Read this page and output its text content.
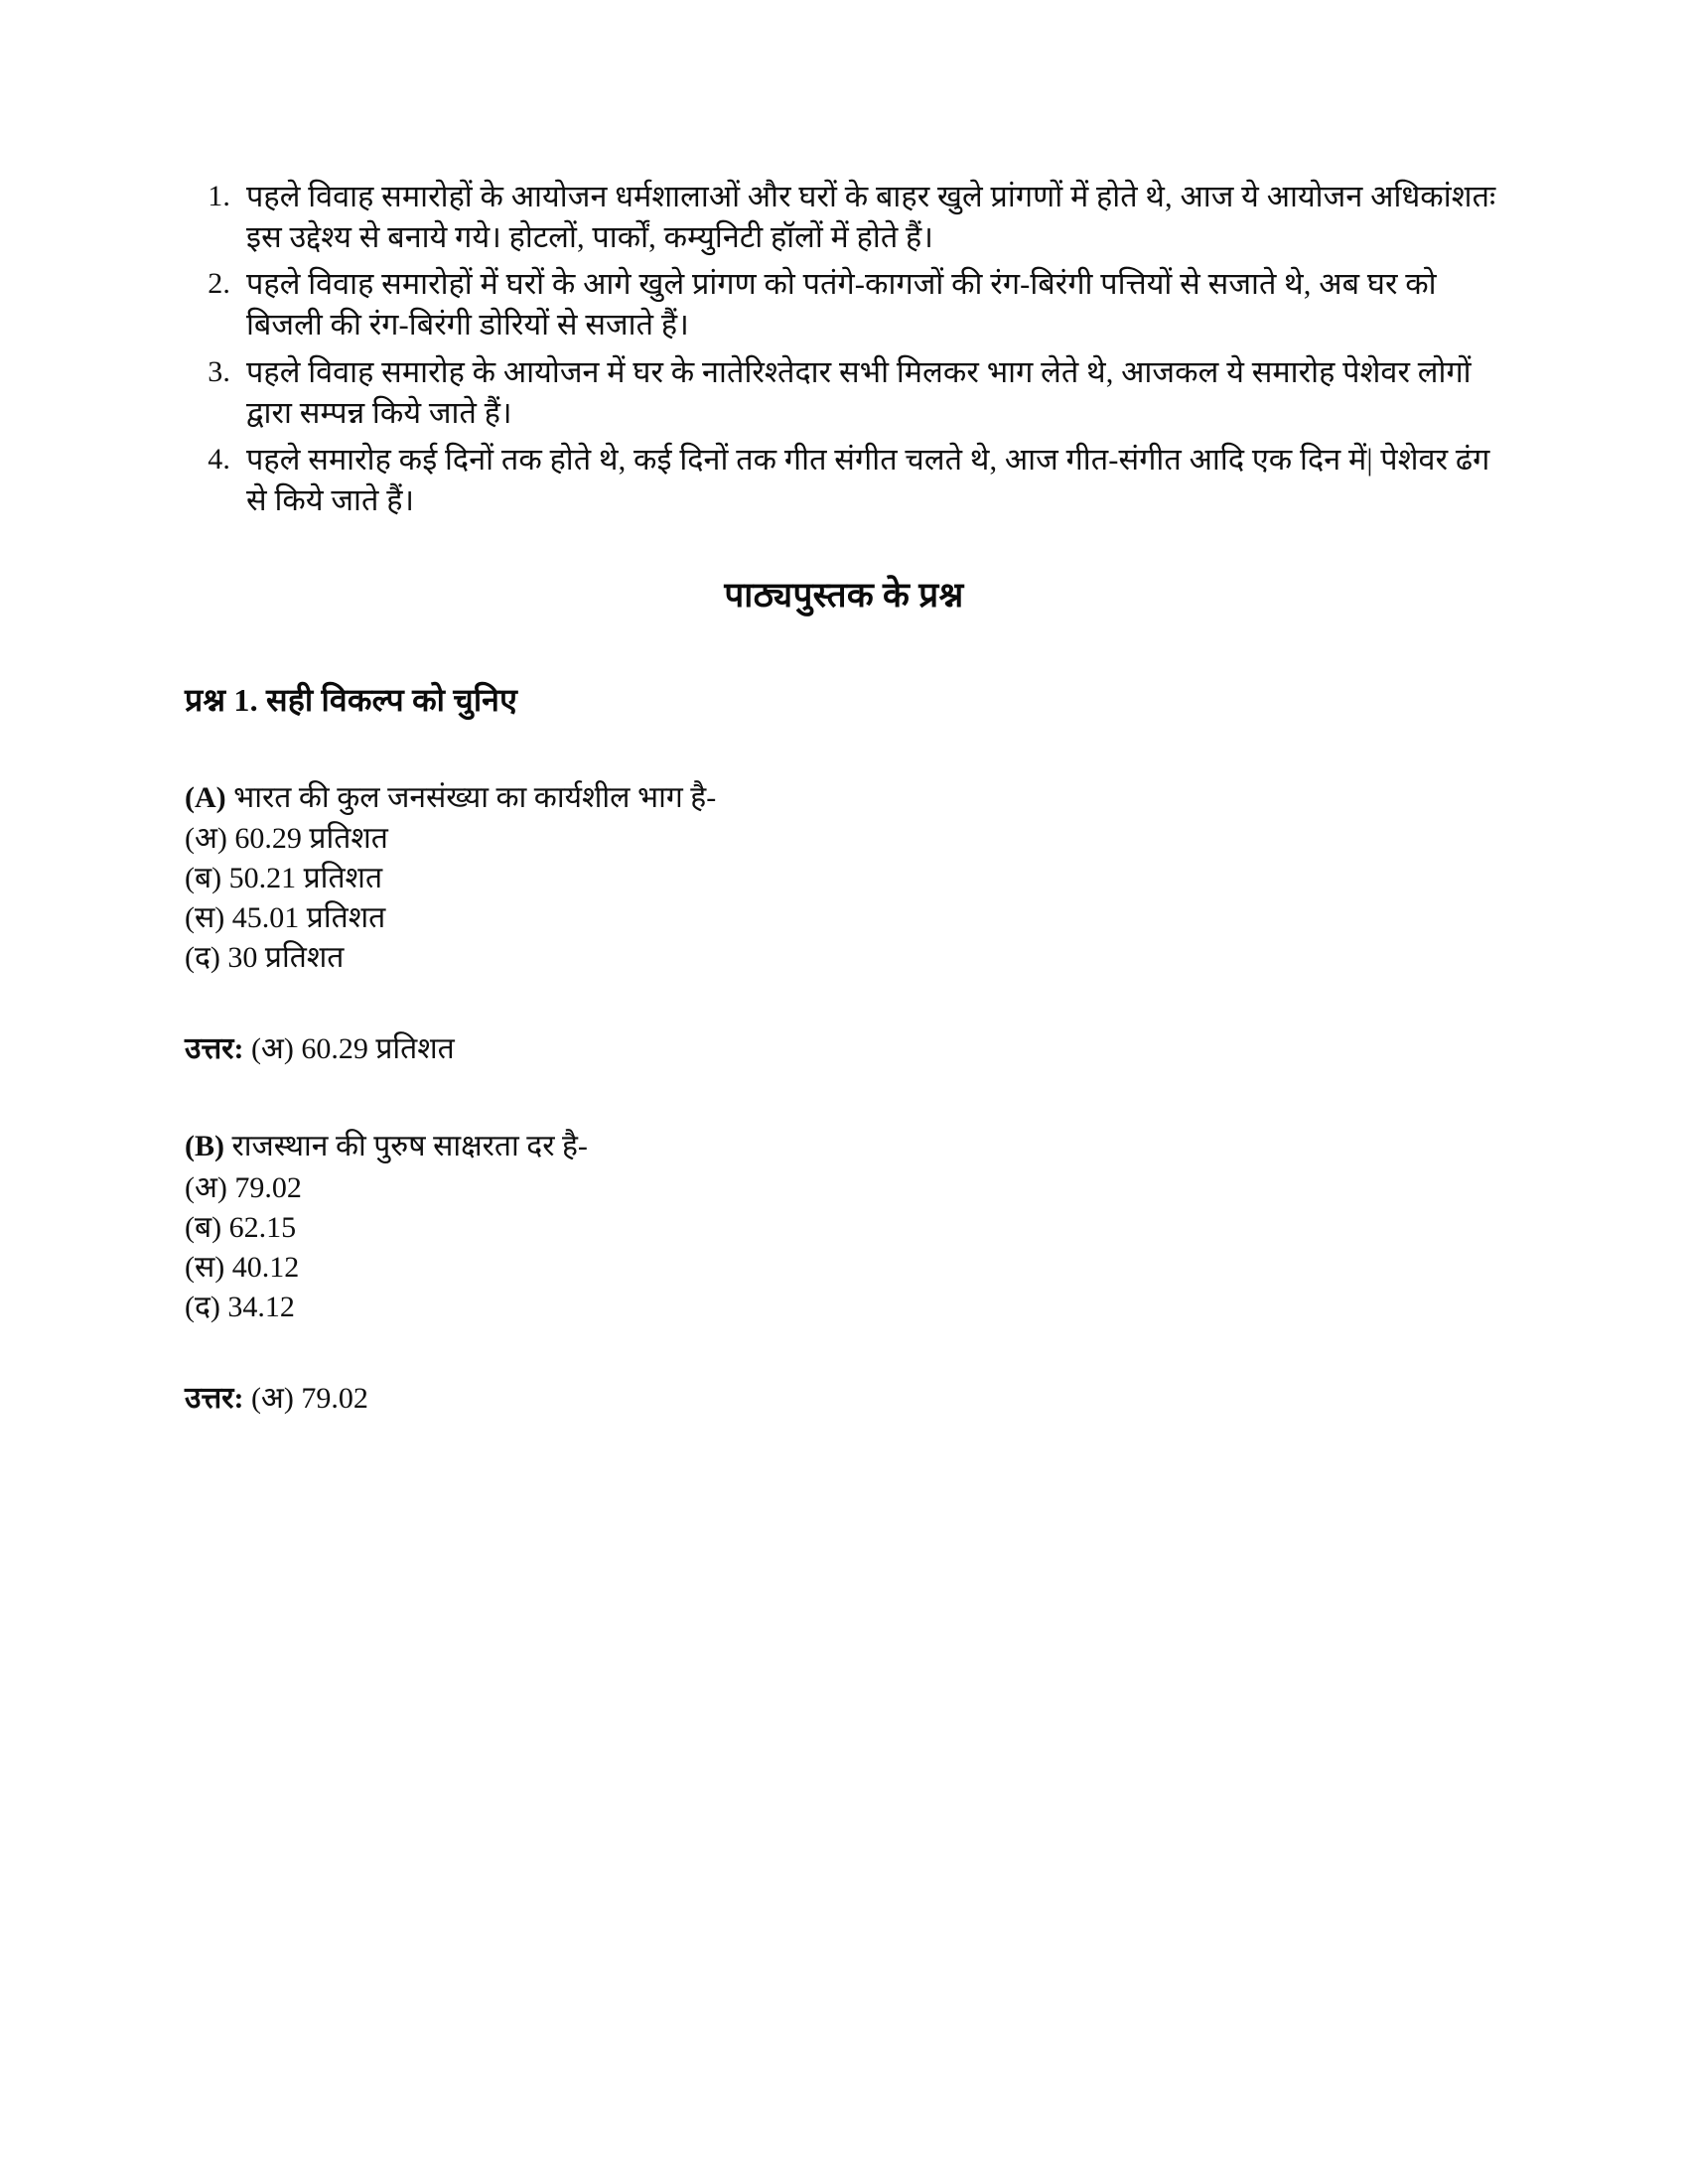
1. पहले विवाह समारोहों के आयोजन धर्मशालाओं और घरों के बाहर खुले प्रांगणों में होते थे, आज ये आयोजन अधिकांशतः इस उद्देश्य से बनाये गये। होटलों, पार्कों, कम्युनिटी हॉलों में होते हैं।
2. पहले विवाह समारोहों में घरों के आगे खुले प्रांगण को पतंगे-कागजों की रंग-बिरंगी पत्तियों से सजाते थे, अब घर को बिजली की रंग-बिरंगी डोरियों से सजाते हैं।
3. पहले विवाह समारोह के आयोजन में घर के नातेरिश्तेदार सभी मिलकर भाग लेते थे, आजकल ये समारोह पेशेवर लोगों द्वारा सम्पन्न किये जाते हैं।
4. पहले समारोह कई दिनों तक होते थे, कई दिनों तक गीत संगीत चलते थे, आज गीत-संगीत आदि एक दिन में| पेशेवर ढंग से किये जाते हैं।
पाठ्यपुस्तक के प्रश्न
प्रश्न 1. सही विकल्प को चुनिए

(A) भारत की कुल जनसंख्या का कार्यशील भाग है-

(अ) 60.29 प्रतिशत
(ब) 50.21 प्रतिशत
(स) 45.01 प्रतिशत
(द) 30 प्रतिशत

उत्तर: (अ) 60.29 प्रतिशत

(B) राजस्थान की पुरुष साक्षरता दर है-

(अ) 79.02
(ब) 62.15
(स) 40.12
(द) 34.12

उत्तर: (अ) 79.02
